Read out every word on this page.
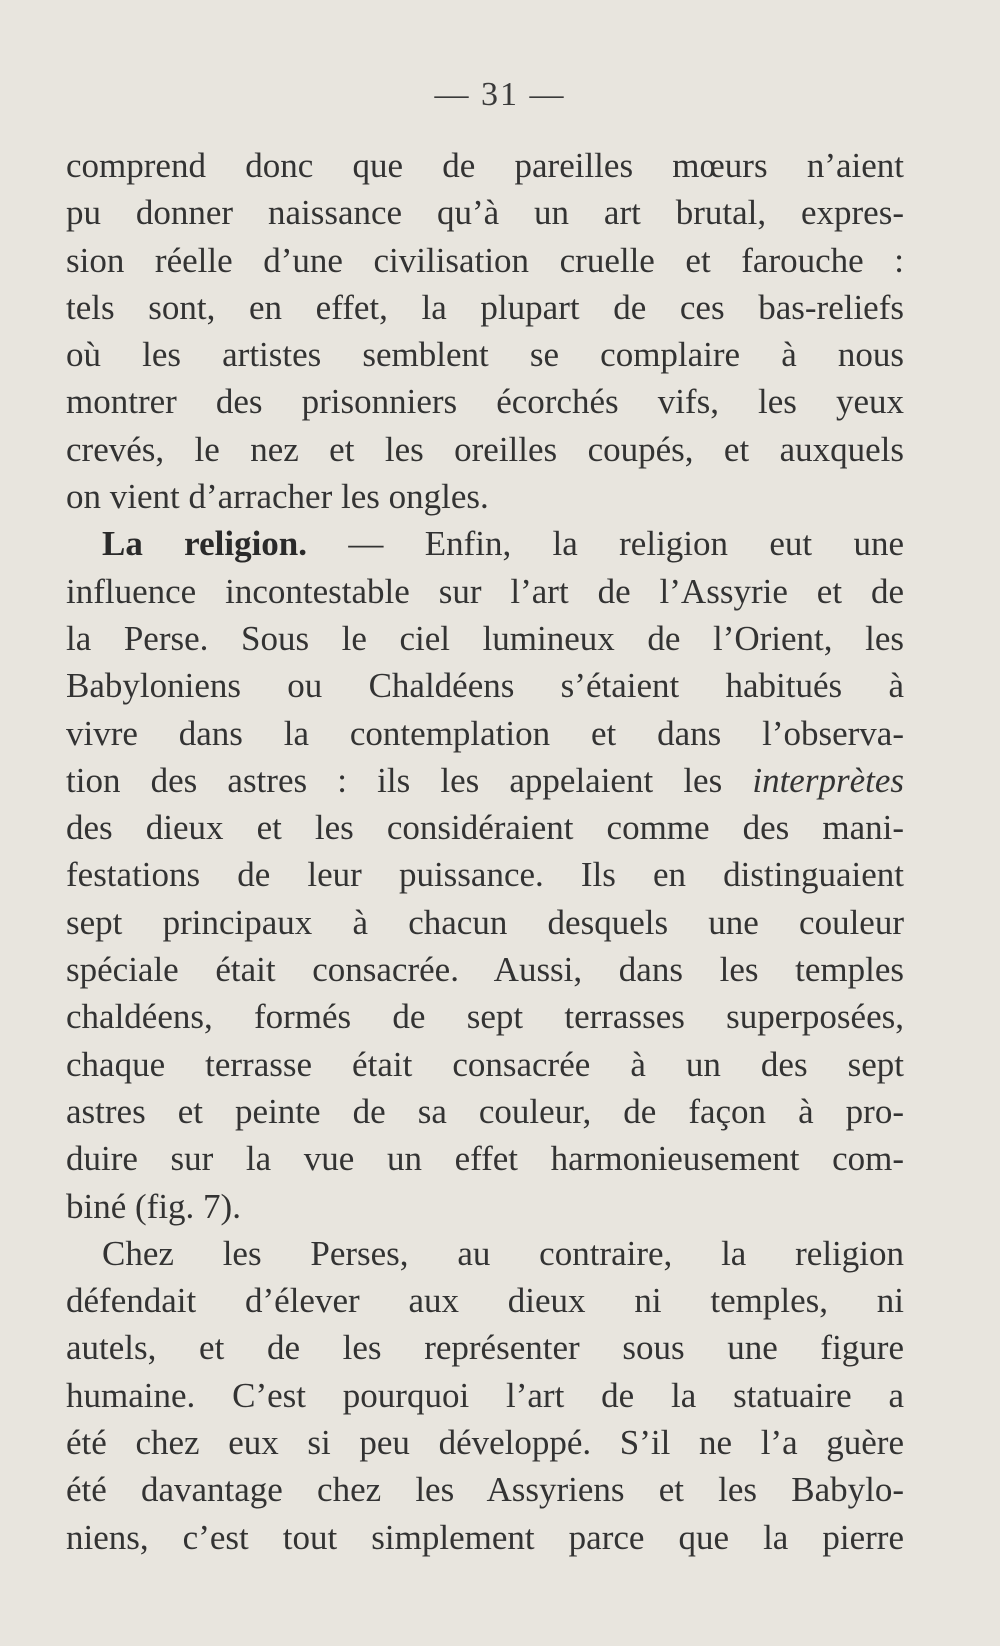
— 31 —
comprend donc que de pareilles mœurs n’aient
pu donner naissance qu’à un art brutal, expres-
sion réelle d’une civilisation cruelle et farouche :
tels sont, en effet, la plupart de ces bas-reliefs
où les artistes semblent se complaire à nous
montrer des prisonniers écorchés vifs, les yeux
crevés, le nez et les oreilles coupés, et auxquels
on vient d’arracher les ongles.
La religion. — Enfin, la religion eut une
influence incontestable sur l’art de l’Assyrie et de
la Perse. Sous le ciel lumineux de l’Orient, les
Babyloniens ou Chaldéens s’étaient habitués à
vivre dans la contemplation et dans l’observa-
tion des astres : ils les appelaient les interprètes
des dieux et les considéraient comme des mani-
festations de leur puissance. Ils en distinguaient
sept principaux à chacun desquels une couleur
spéciale était consacrée. Aussi, dans les temples
chaldéens, formés de sept terrasses superposées,
chaque terrasse était consacrée à un des sept
astres et peinte de sa couleur, de façon à pro-
duire sur la vue un effet harmonieusement com-
biné (fig. 7).
Chez les Perses, au contraire, la religion
défendait d’élever aux dieux ni temples, ni
autels, et de les représenter sous une figure
humaine. C’est pourquoi l’art de la statuaire a
été chez eux si peu développé. S’il ne l’a guère
été davantage chez les Assyriens et les Babylo-
niens, c’est tout simplement parce que la pierre
